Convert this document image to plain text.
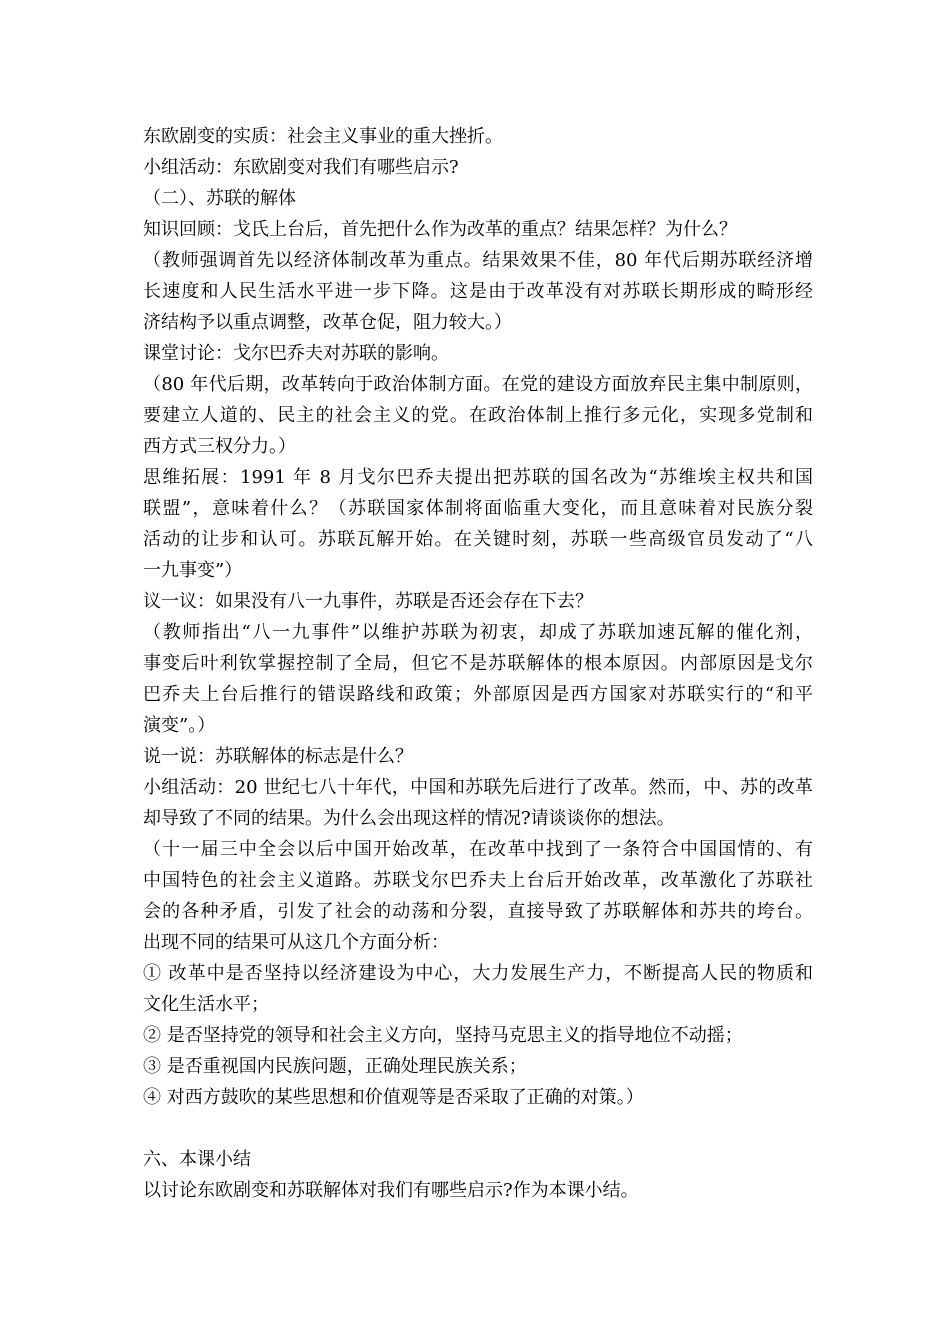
东欧剧变的实质：社会主义事业的重大挫折。
小组活动：东欧剧变对我们有哪些启示?
（二）、苏联的解体
知识回顾：戈氏上台后，首先把什么作为改革的重点？结果怎样？为什么？
（教师强调首先以经济体制改革为重点。结果效果不佳，80 年代后期苏联经济增
长速度和人民生活水平进一步下降。这是由于改革没有对苏联长期形成的畸形经
济结构予以重点调整，改革仓促，阻力较大。）
课堂讨论：戈尔巴乔夫对苏联的影响。
（80 年代后期，改革转向于政治体制方面。在党的建设方面放弃民主集中制原则，
要建立人道的、民主的社会主义的党。在政治体制上推行多元化，实现多党制和
西方式三权分力。）
思维拓展：1991 年 8 月戈尔巴乔夫提出把苏联的国名改为“苏维埃主权共和国
联盟”，意味着什么？（苏联国家体制将面临重大变化，而且意味着对民族分裂
活动的让步和认可。苏联瓦解开始。在关键时刻，苏联一些高级官员发动了“八
一九事变”）
议一议：如果没有八一九事件，苏联是否还会存在下去？
（教师指出“八一九事件”以维护苏联为初衷，却成了苏联加速瓦解的催化剂，
事变后叶利钦掌握控制了全局，但它不是苏联解体的根本原因。内部原因是戈尔
巴乔夫上台后推行的错误路线和政策；外部原因是西方国家对苏联实行的“和平
演变”。）
说一说：苏联解体的标志是什么？
小组活动：20 世纪七八十年代，中国和苏联先后进行了改革。然而，中、苏的改革
却导致了不同的结果。为什么会出现这样的情况?请谈谈你的想法。
（十一届三中全会以后中国开始改革，在改革中找到了一条符合中国国情的、有
中国特色的社会主义道路。苏联戈尔巴乔夫上台后开始改革，改革激化了苏联社
会的各种矛盾，引发了社会的动荡和分裂，直接导致了苏联解体和苏共的垮台。
出现不同的结果可从这几个方面分析：
① 改革中是否坚持以经济建设为中心，大力发展生产力，不断提高人民的物质和
文化生活水平；
② 是否坚持党的领导和社会主义方向，坚持马克思主义的指导地位不动摇；
③ 是否重视国内民族问题，正确处理民族关系；
④ 对西方鼓吹的某些思想和价值观等是否采取了正确的对策。）
六、本课小结
以讨论东欧剧变和苏联解体对我们有哪些启示?作为本课小结。
